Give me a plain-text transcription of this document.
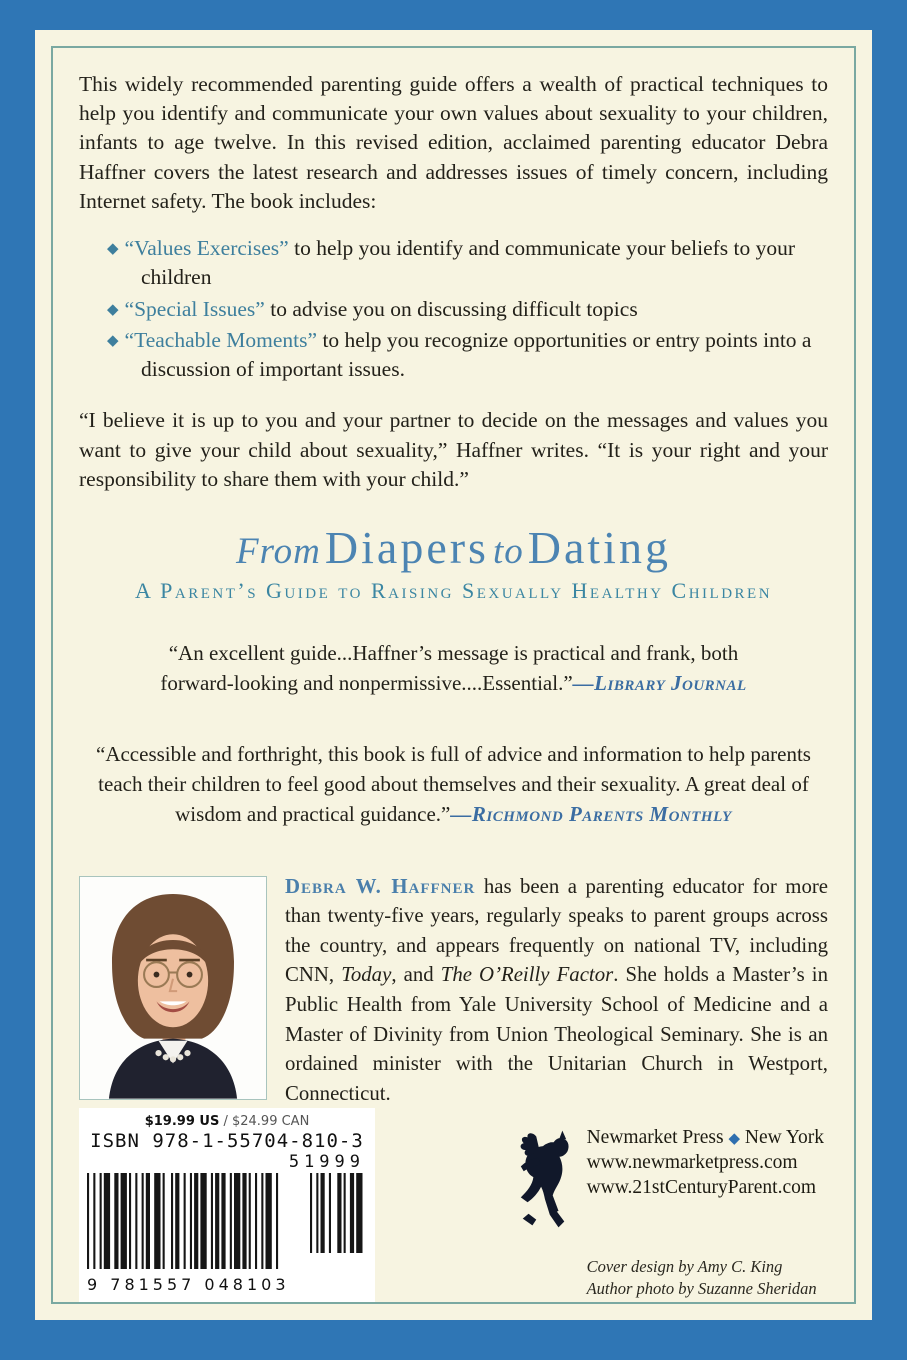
This widely recommended parenting guide offers a wealth of practical techniques to help you identify and communicate your own values about sexuality to your children, infants to age twelve. In this revised edition, acclaimed parenting educator Debra Haffner covers the latest research and addresses issues of timely concern, including Internet safety. The book includes:

◆ “Values Exercises” to help you identify and communicate your beliefs to your children
◆ “Special Issues” to advise you on discussing difficult topics
◆ “Teachable Moments” to help you recognize opportunities or entry points into a discussion of important issues.

“I believe it is up to you and your partner to decide on the messages and values you want to give your child about sexuality,” Haffner writes. “It is your right and your responsibility to share them with your child.”

From Diapers to Dating
A Parent’s Guide to Raising Sexually Healthy Children
“An excellent guide...Haffner’s message is practical and frank, both forward-looking and nonpermissive....Essential.”—Library Journal
“Accessible and forthright, this book is full of advice and information to help parents teach their children to feel good about themselves and their sexuality. A great deal of wisdom and practical guidance.”—Richmond Parents Monthly

Debra W. Haffner has been a parenting educator for more than twenty-five years, regularly speaks to parent groups across the country, and appears frequently on national TV, including CNN, Today, and The O’Reilly Factor. She holds a Master’s in Public Health from Yale University School of Medicine and a Master of Divinity from Union Theological Seminary. She is an ordained minister with the Unitarian Church in Westport, Connecticut.

$19.99 US / $24.99 CAN
ISBN 978-1-55704-810-3
51999
9 781557 048103
Newmarket Press ◆ New York
www.newmarketpress.com
www.21stCenturyParent.com
Cover design by Amy C. King
Author photo by Suzanne Sheridan
